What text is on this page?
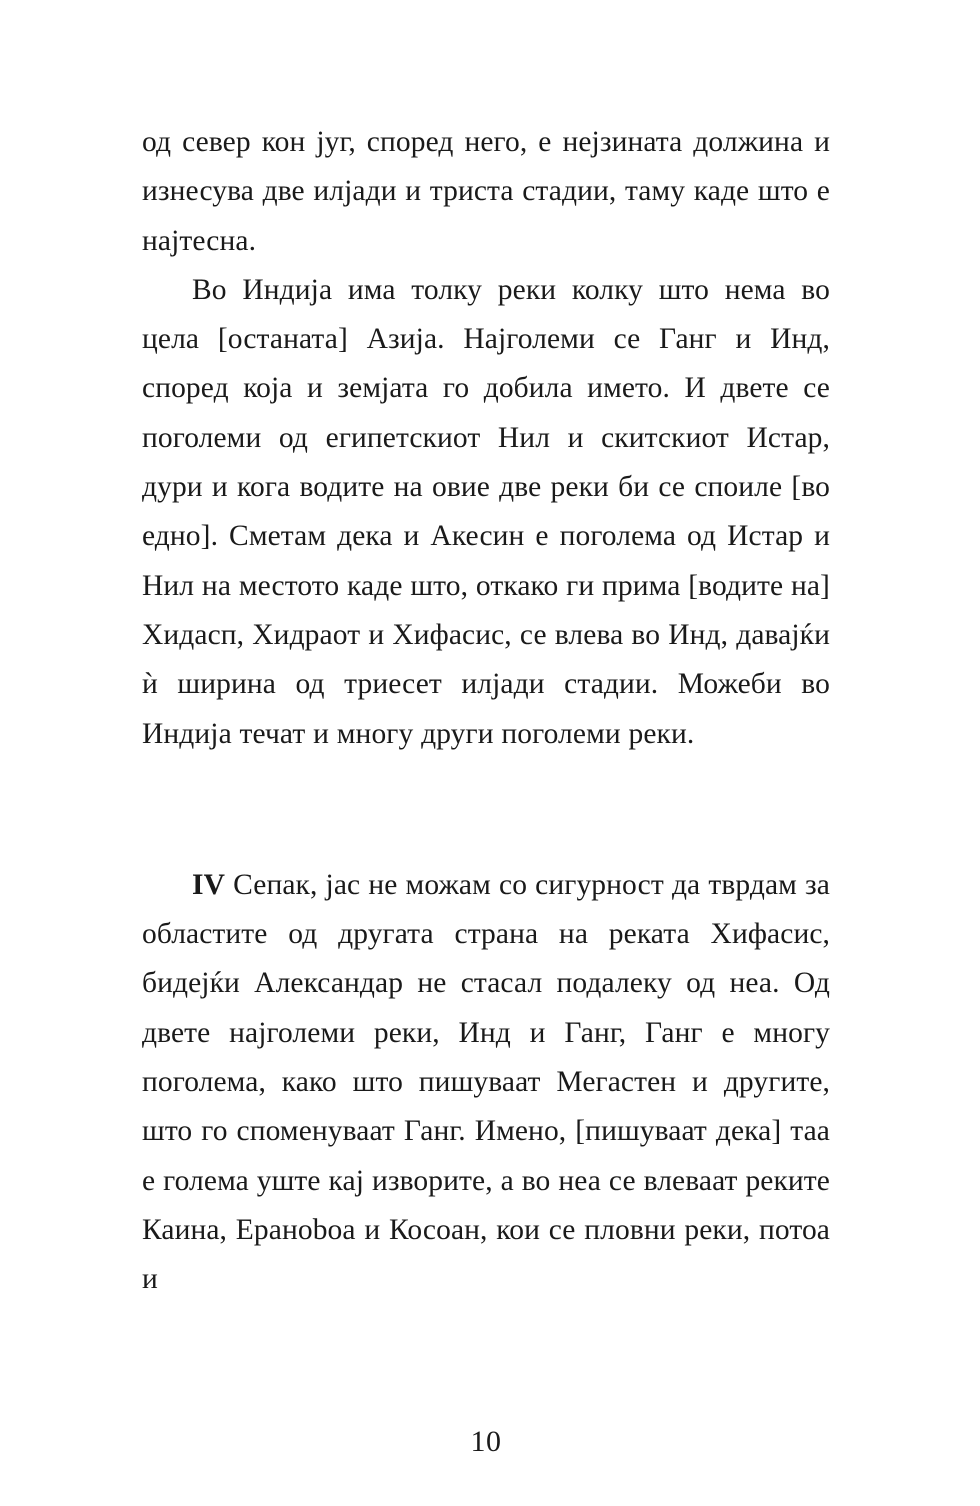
од север кон југ, според него, е нејзината должина и изнесува две илјади и триста стадии, таму каде што е најтесна.

Во Индија има толку реки колку што нема во цела [останата] Азија. Најголеми се Ганг и Инд, според која и земјата го добила името. И двете се поголеми од египетскиот Нил и скитскиот Истар, дури и кога водите на овие две реки би се споиле [во едно]. Сметам дека и Акесин е поголема од Истар и Нил на местото каде што, откако ги прима [водите на] Хидасп, Хидраот и Хифасис, се влева во Инд, давајќи ѝ ширина од триесет илјади стадии. Можеби во Индија течат и многу други поголеми реки.

IV Сепак, јас не можам со сигурност да тврдам за областите од другата страна на реката Хифасис, бидејќи Александар не стасал подалеку од неа. Од двете најголеми реки, Инд и Ганг, Ганг е многу поголема, како што пишуваат Мегастен и другите, што го споменуваат Ганг. Имено, [пишуваат дека] таа е голема уште кај изворите, а во неа се влеваат реките Каина, Ераноboa и Косоан, кои се пловни реки, потоа и

10
